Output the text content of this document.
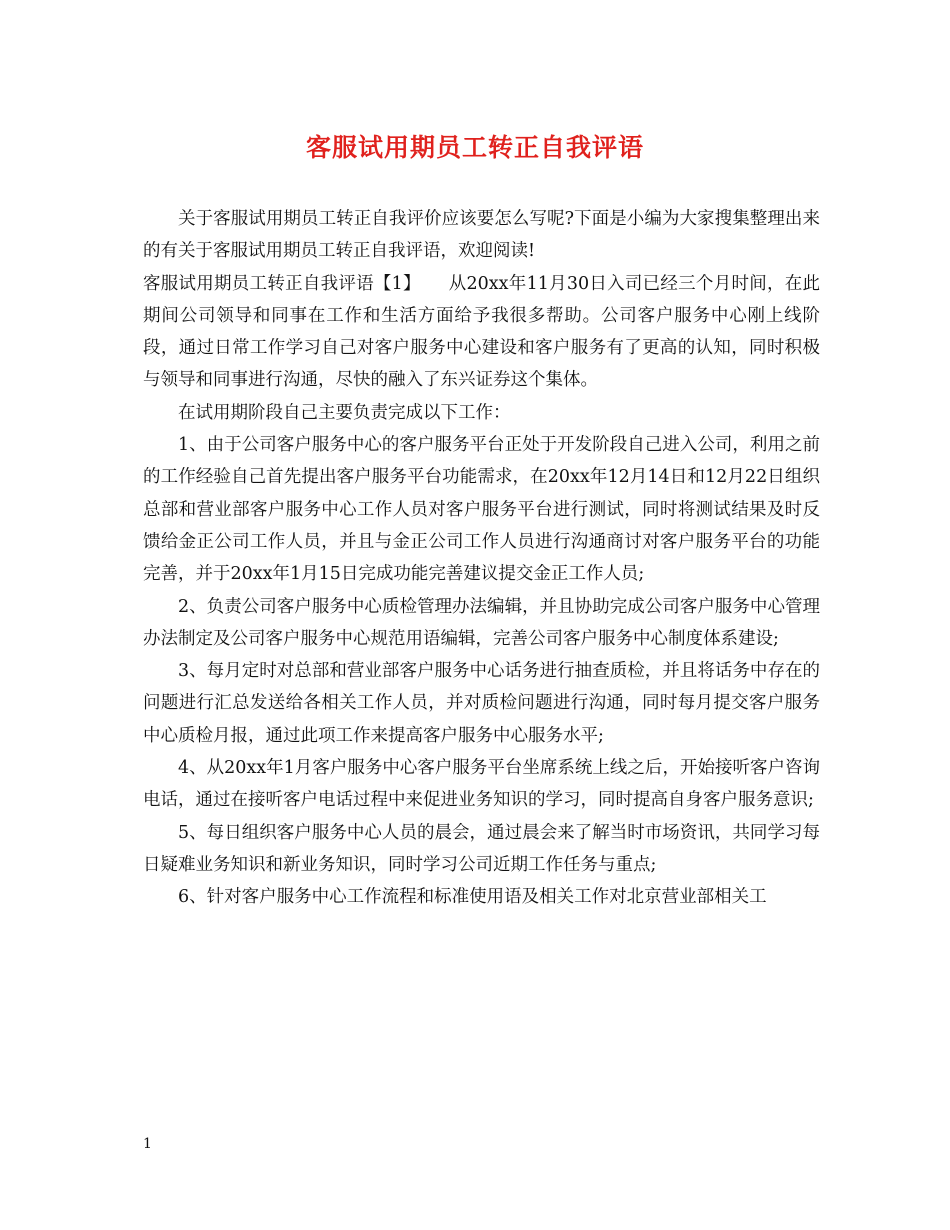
客服试用期员工转正自我评语

关于客服试用期员工转正自我评价应该要怎么写呢?下面是小编为大家搜集整理出来的有关于客服试用期员工转正自我评语，欢迎阅读!

客服试用期员工转正自我评语【1】 从20xx年11月30日入司已经三个月时间，在此期间公司领导和同事在工作和生活方面给予我很多帮助。公司客户服务中心刚上线阶段，通过日常工作学习自己对客户服务中心建设和客户服务有了更高的认知，同时积极与领导和同事进行沟通，尽快的融入了东兴证券这个集体。

在试用期阶段自己主要负责完成以下工作：

1、由于公司客户服务中心的客户服务平台正处于开发阶段自己进入公司，利用之前的工作经验自己首先提出客户服务平台功能需求，在20xx年12月14日和12月22日组织总部和营业部客户服务中心工作人员对客户服务平台进行测试，同时将测试结果及时反馈给金正公司工作人员，并且与金正公司工作人员进行沟通商讨对客户服务平台的功能完善，并于20xx年1月15日完成功能完善建议提交金正工作人员;

2、负责公司客户服务中心质检管理办法编辑，并且协助完成公司客户服务中心管理办法制定及公司客户服务中心规范用语编辑，完善公司客户服务中心制度体系建设;

3、每月定时对总部和营业部客户服务中心话务进行抽查质检，并且将话务中存在的问题进行汇总发送给各相关工作人员，并对质检问题进行沟通，同时每月提交客户服务中心质检月报，通过此项工作来提高客户服务中心服务水平;

4、从20xx年1月客户服务中心客户服务平台坐席系统上线之后，开始接听客户咨询电话，通过在接听客户电话过程中来促进业务知识的学习，同时提高自身客户服务意识;

5、每日组织客户服务中心人员的晨会，通过晨会来了解当时市场资讯，共同学习每日疑难业务知识和新业务知识，同时学习公司近期工作任务与重点;

6、针对客户服务中心工作流程和标准使用语及相关工作对北京营业部相关工

1
